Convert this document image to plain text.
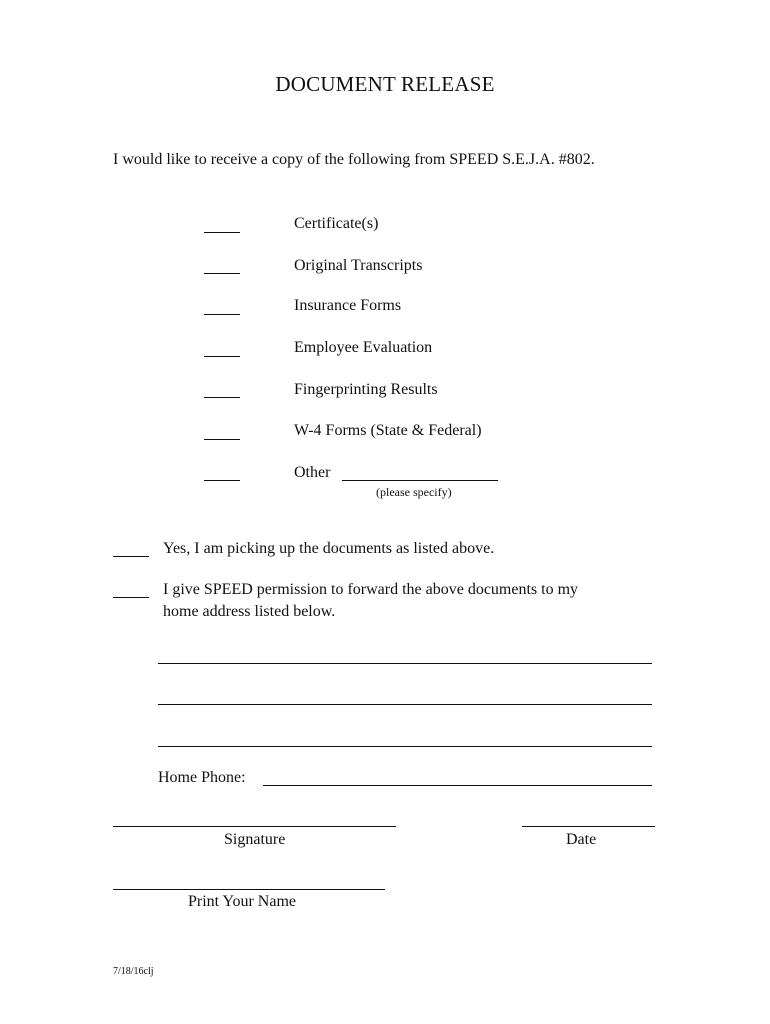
DOCUMENT RELEASE
I would like to receive a copy of the following from SPEED S.E.J.A. #802.
Certificate(s)
Original Transcripts
Insurance Forms
Employee Evaluation
Fingerprinting Results
W-4 Forms (State & Federal)
Other
(please specify)
Yes, I am picking up the documents as listed above.
I give SPEED permission to forward the above documents to my
home address listed below.
Home Phone:
Signature	Date
Print Your Name
7/18/16clj
